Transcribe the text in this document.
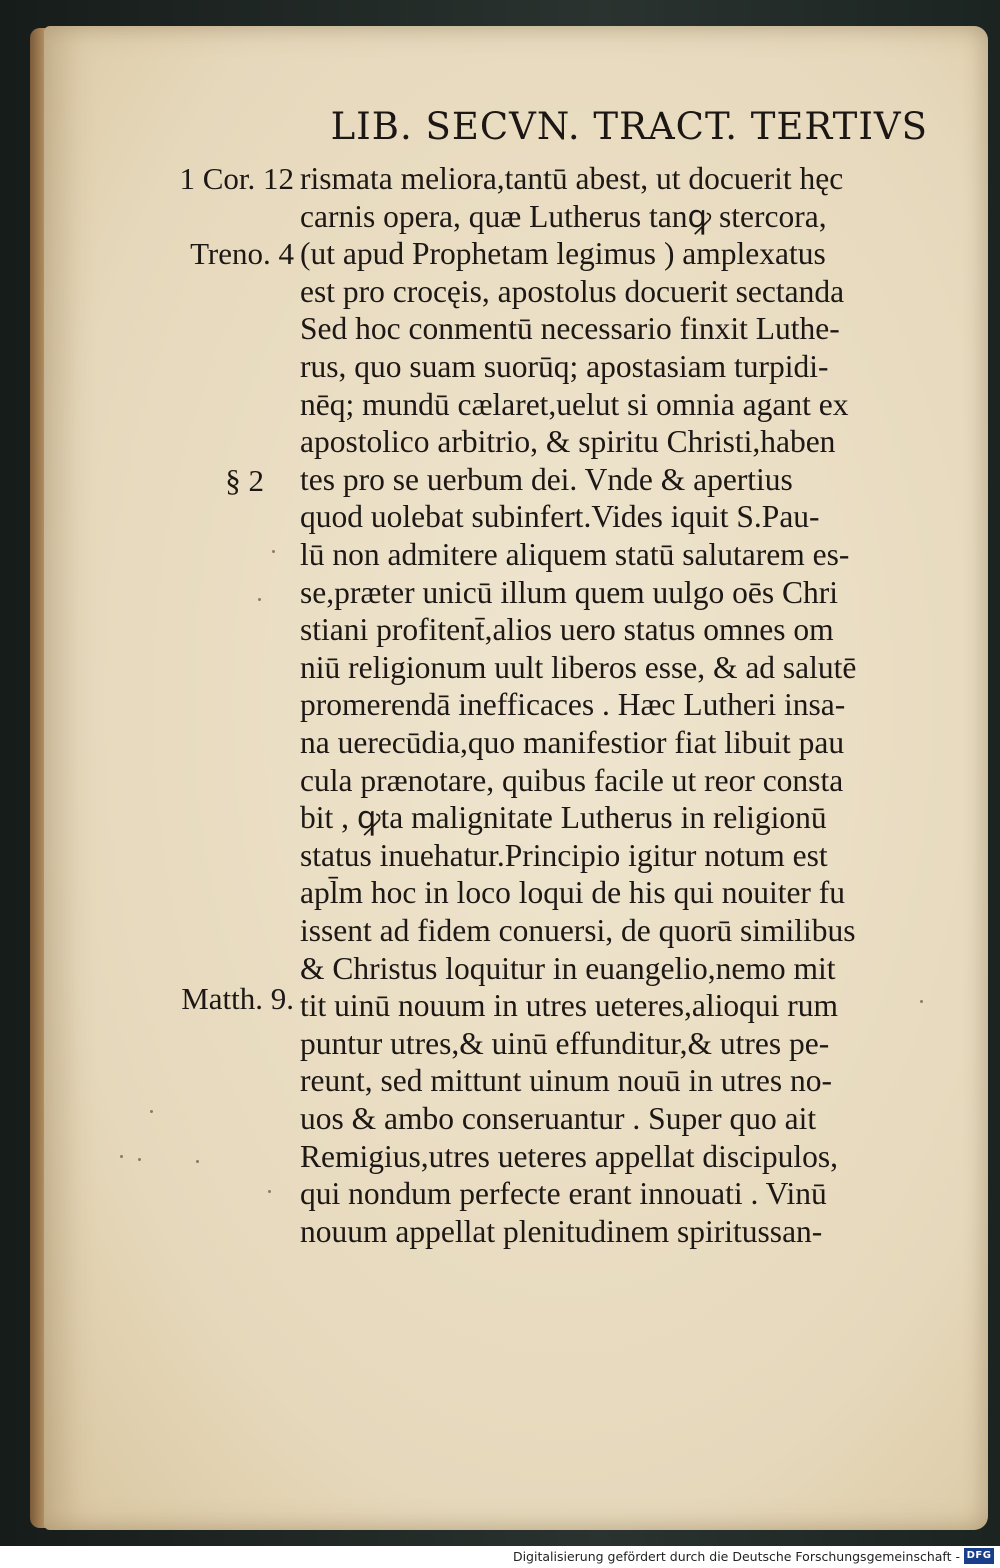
LIB. SECVN. TRACT. TERTIVS
1 Cor. 12
Treno. 4
§ 2
Matth. 9.
rismata meliora,tantū abest, ut docuerit hęc
carnis opera, quæ Lutherus tanꝙ stercora,
(ut apud Prophetam legimus ) amplexatus
est pro crocęis, apostolus docuerit sectanda
Sed hoc conmentū necessario finxit Luthe-
rus, quo suam suorūq; apostasiam turpidi-
nēq; mundū cælaret,uelut si omnia agant ex
apostolico arbitrio, & spiritu Christi,haben
tes pro se uerbum dei. Vnde & apertius
quod uolebat subinfert.Vides iquit S.Pau-
lū non admitere aliquem statū salutarem es-
se,præter unicū illum quem uulgo oēs Chri
stiani profitent̄,alios uero status omnes om
niū religionum uult liberos esse, & ad salutē
promerendā inefficaces . Hæc Lutheri insa-
na uerecūdia,quo manifestior fiat libuit pau
cula prænotare, quibus facile ut reor consta
bit , ꝙta malignitate Lutherus in religionū
status inuehatur.Principio igitur notum est
apl̄m hoc in loco loqui de his qui nouiter fu
issent ad fidem conuersi, de quorū similibus
& Christus loquitur in euangelio,nemo mit
tit uinū nouum in utres ueteres,alioqui rum
puntur utres,& uinū effunditur,& utres pe-
reunt, sed mittunt uinum nouū in utres no-
uos & ambo conseruantur . Super quo ait
Remigius,utres ueteres appellat discipulos,
qui nondum perfecte erant innouati . Vinū
nouum appellat plenitudinem spiritussan-
Digitalisierung gefördert durch die Deutsche Forschungsgemeinschaft - DFG
